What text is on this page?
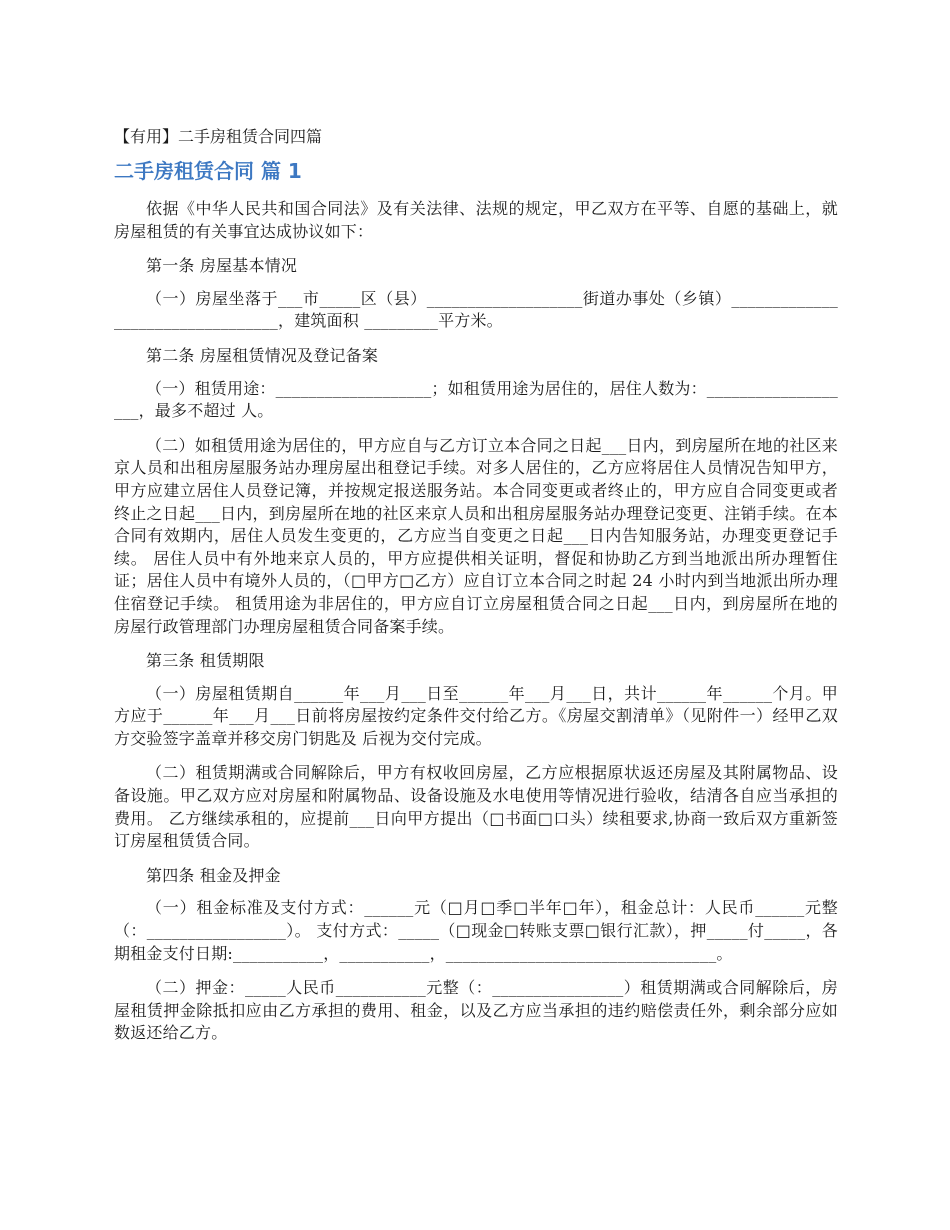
【有用】二手房租赁合同四篇
二手房租赁合同 篇 1

依据《中华人民共和国合同法》及有关法律、法规的规定，甲乙双方在平等、自愿的基础上，就房屋租赁的有关事宜达成协议如下：

第一条 房屋基本情况

（一）房屋坐落于___市_____区（县）___________________街道办事处（乡镇）_________________________________，建筑面积 _________平方米。

第二条 房屋租赁情况及登记备案

（一）租赁用途：___________________；如租赁用途为居住的，居住人数为：___________________，最多不超过 人。

（二）如租赁用途为居住的，甲方应自与乙方订立本合同之日起___日内，到房屋所在地的社区来京人员和出租房屋服务站办理房屋出租登记手续。对多人居住的，乙方应将居住人员情况告知甲方，甲方应建立居住人员登记簿，并按规定报送服务站。本合同变更或者终止的，甲方应自合同变更或者终止之日起___日内，到房屋所在地的社区来京人员和出租房屋服务站办理登记变更、注销手续。在本合同有效期内，居住人员发生变更的，乙方应当自变更之日起___日内告知服务站，办理变更登记手续。 居住人员中有外地来京人员的，甲方应提供相关证明，督促和协助乙方到当地派出所办理暂住证；居住人员中有境外人员的，（□甲方□乙方）应自订立本合同之时起 24 小时内到当地派出所办理住宿登记手续。 租赁用途为非居住的，甲方应自订立房屋租赁合同之日起___日内，到房屋所在地的房屋行政管理部门办理房屋租赁合同备案手续。

第三条 租赁期限

（一）房屋租赁期自______年___月___日至______年___月___日，共计______年______个月。甲方应于______年___月___日前将房屋按约定条件交付给乙方。《房屋交割清单》（见附件一）经甲乙双方交验签字盖章并移交房门钥匙及 后视为交付完成。

（二）租赁期满或合同解除后，甲方有权收回房屋，乙方应根据原状返还房屋及其附属物品、设备设施。甲乙双方应对房屋和附属物品、设备设施及水电使用等情况进行验收，结清各自应当承担的费用。 乙方继续承租的，应提前___日向甲方提出（□书面□口头）续租要求,协商一致后双方重新签订房屋租赁赁合同。

第四条 租金及押金

（一）租金标准及支付方式：______元（□月□季□半年□年），租金总计：人民币______元整（：_________________）。 支付方式：_____（□现金□转账支票□银行汇款），押_____付_____，各期租金支付日期:___________，___________，_________________________________。

（二）押金：_____人民币___________元整（：________________）租赁期满或合同解除后，房屋租赁押金除抵扣应由乙方承担的费用、租金，以及乙方应当承担的违约赔偿责任外，剩余部分应如数返还给乙方。
